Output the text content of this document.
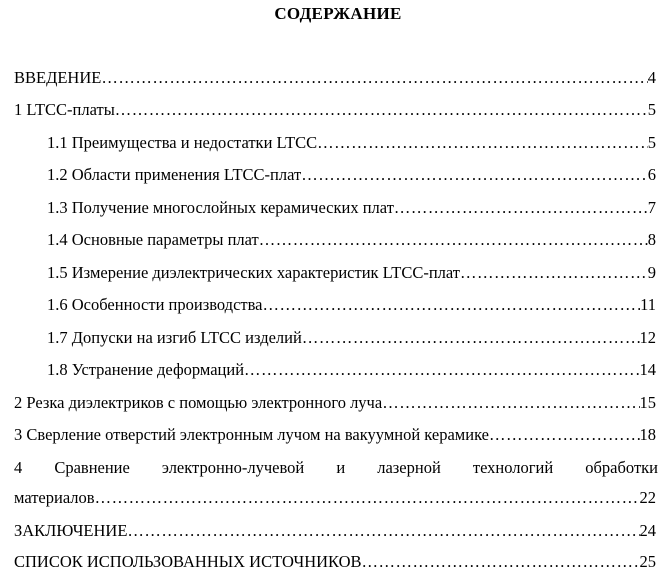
СОДЕРЖАНИЕ
ВВЕДЕНИЕ …………………………………………………………………………………………………………………………………………………………………………	4
1 LTCC-платы …………………………………………………………………………………………………………………………………………………………………………	5
1.1 Преимущества и недостатки LTCC …………………………………………………………………………………………………………………………………………………………………………	5
1.2 Области применения LTCC-плат …………………………………………………………………………………………………………………………………………………………………………	6
1.3 Получение многослойных керамических плат …………………………………………………………………………………………………………………………………………………………………………	7
1.4 Основные параметры плат …………………………………………………………………………………………………………………………………………………………………………	8
1.5 Измерение диэлектрических характеристик LTCC-плат …………………………………………………………………………………………………………………………………………………………………………	9
1.6 Особенности производства …………………………………………………………………………………………………………………………………………………………………………	11
1.7 Допуски на изгиб LTCC изделий …………………………………………………………………………………………………………………………………………………………………………	12
1.8 Устранение деформаций …………………………………………………………………………………………………………………………………………………………………………	14
2 Резка диэлектриков с помощью электронного луча …………………………………………………………………………………………………………………………………………………………………………	15
3 Сверление отверстий электронным лучом на вакуумной керамике …………………………………………………………………………………………………………………………………………………………………………	18
4 Сравнение электронно-лучевой и лазерной технологий обработки
материалов …………………………………………………………………………………………………………………………………………………………………………	22
ЗАКЛЮЧЕНИЕ …………………………………………………………………………………………………………………………………………………………………………	24
СПИСОК ИСПОЛЬЗОВАННЫХ ИСТОЧНИКОВ …………………………………………………………………………………………………………………………………………………………………………	25
